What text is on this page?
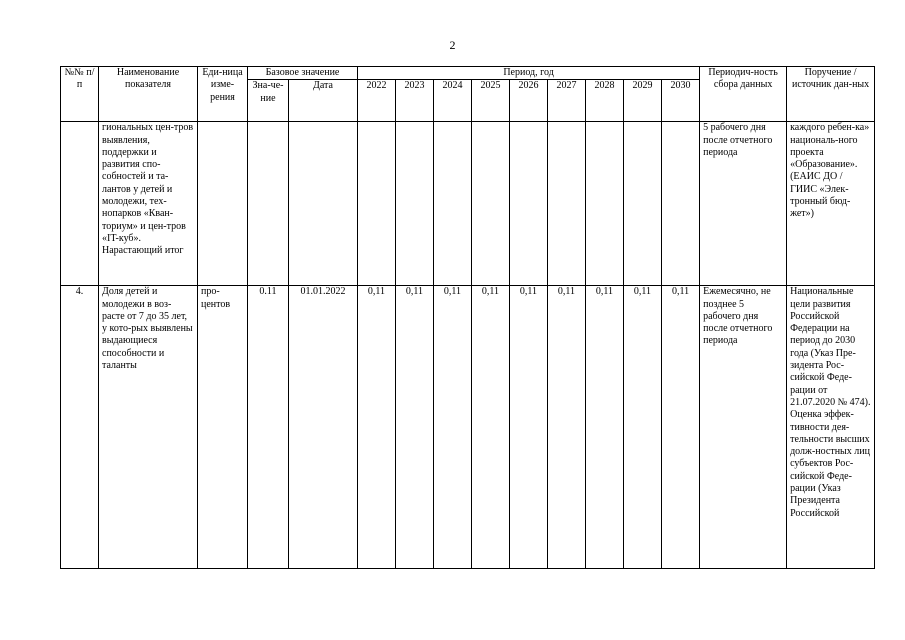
2
№№ п/п	Наименование показателя	Еди-ница изме-рения	Базовое значение		Период, год									Периодич-ность сбора данных	Поручение / источник дан-ных
			Зна-че-ние	Дата	2022	2023	2024	2025	2026	2027	2028	2029	2030		
	гиональных цен-тров выявления, поддержки и развития спо-собностей и та-лантов у детей и молодежи, тех-нопарков «Кван-ториум» и цен-тров «IT-куб». Нарастающий итог													5 рабочего дня после отчетного периода	каждого ребен-ка» националь-ного проекта «Образование». (ЕАИС ДО / ГИИС «Элек-тронный бюд-жет»)
4.	Доля детей и молодежи в воз-расте от 7 до 35 лет, у кото-рых выявлены выдающиеся способности и таланты	про-центов	0.11	01.01.2022	0,11	0,11	0,11	0,11	0,11	0,11	0,11	0,11	0,11	Ежемесячно, не позднее 5 рабочего дня после отчетного периода	Национальные цели развития Российской Федерации на период до 2030 года (Указ Пре-зидента Рос-сийской Феде-рации от 21.07.2020 № 474). Оценка эффек-тивности дея-тельности высших долж-ностных лиц субъектов Рос-сийской Феде-рации (Указ Президента Российской
